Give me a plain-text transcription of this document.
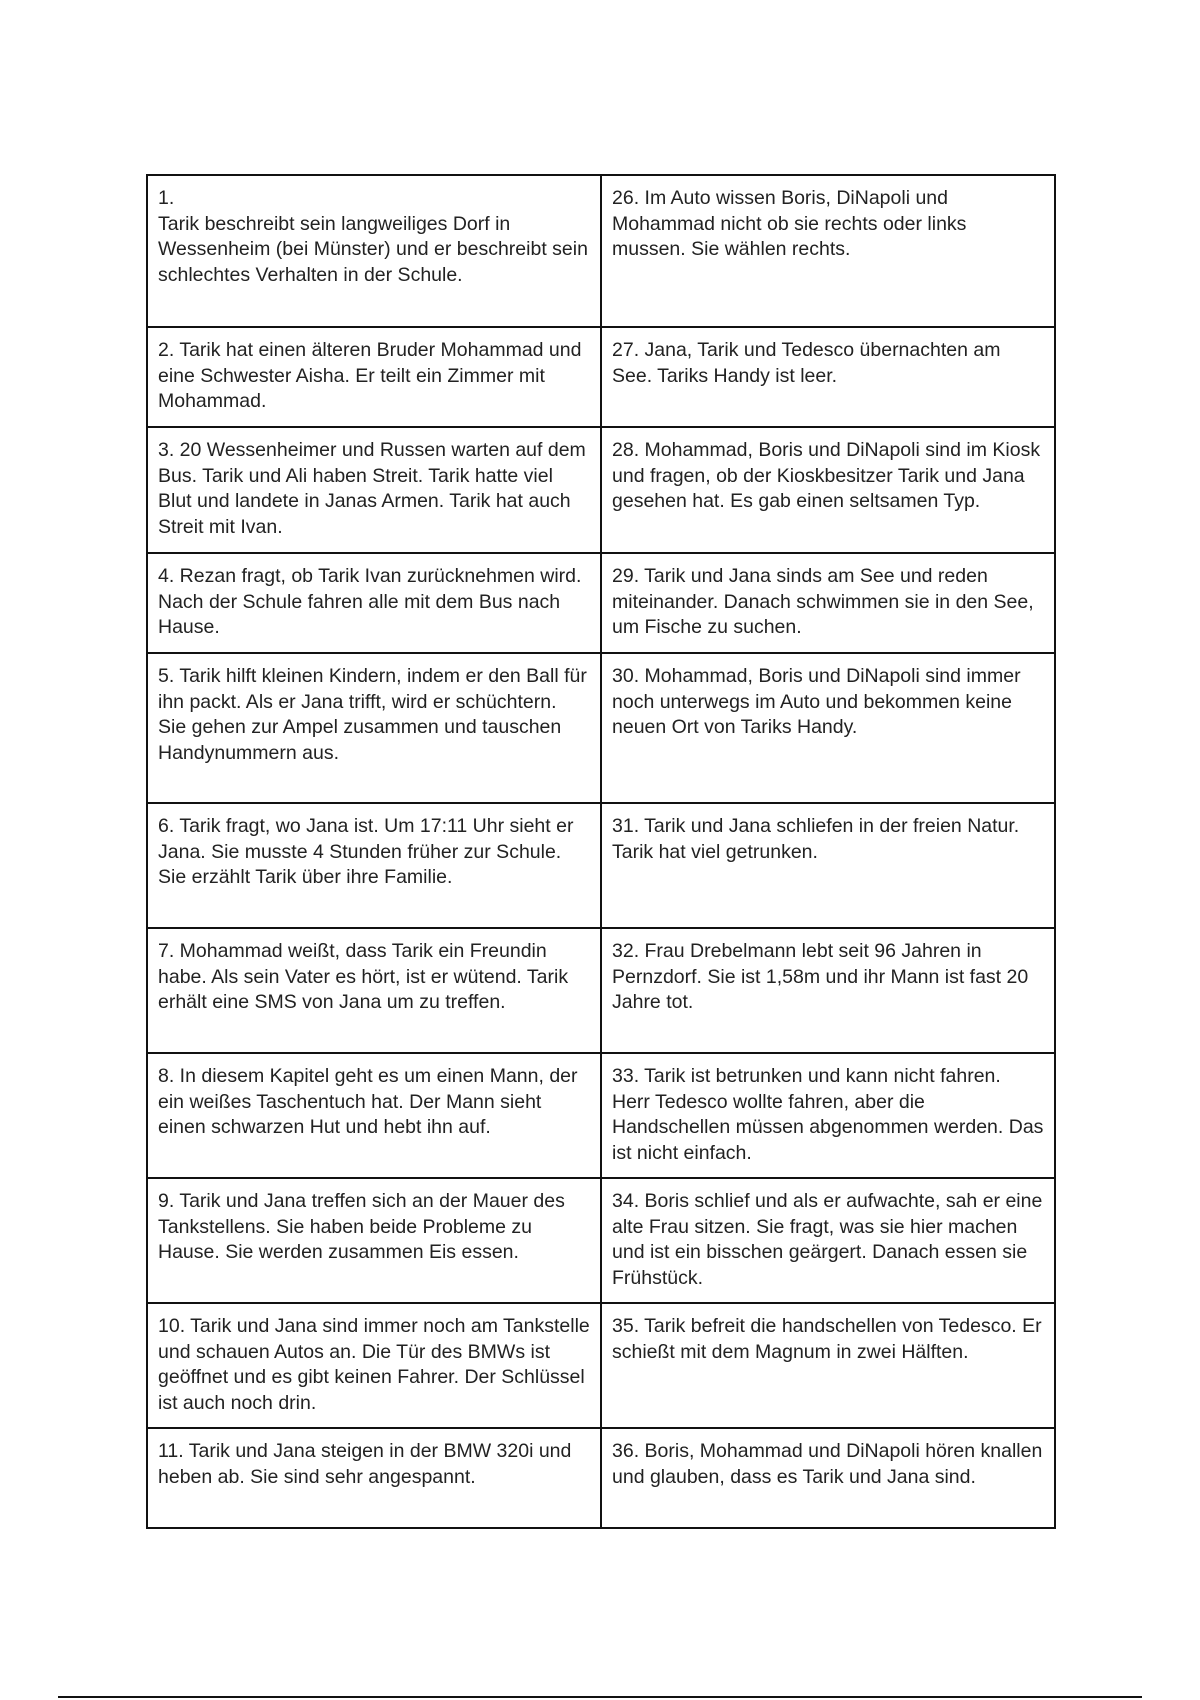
1.
Tarik beschreibt sein langweiliges Dorf in Wessenheim (bei Münster) und er beschreibt sein schlechtes Verhalten in der Schule.	26. Im Auto wissen Boris, DiNapoli und Mohammad nicht ob sie rechts oder links mussen. Sie wählen rechts.
2. Tarik hat einen älteren Bruder Mohammad und eine Schwester Aisha. Er teilt ein Zimmer mit Mohammad.	27. Jana, Tarik und Tedesco übernachten am See. Tariks Handy ist leer.
3. 20 Wessenheimer und Russen warten auf dem Bus. Tarik und Ali haben Streit. Tarik hatte viel Blut und landete in Janas Armen. Tarik hat auch Streit mit Ivan.	28. Mohammad, Boris und DiNapoli sind im Kiosk und fragen, ob der Kioskbesitzer Tarik und Jana gesehen hat. Es gab einen seltsamen Typ.
4. Rezan fragt, ob Tarik Ivan zurücknehmen wird. Nach der Schule fahren alle mit dem Bus nach Hause.	29. Tarik und Jana sinds am See und reden miteinander. Danach schwimmen sie in den See, um Fische zu suchen.
5. Tarik hilft kleinen Kindern, indem er den Ball für ihn packt. Als er Jana trifft, wird er schüchtern. Sie gehen zur Ampel zusammen und tauschen Handynummern aus.	30. Mohammad, Boris und DiNapoli sind immer noch unterwegs im Auto und bekommen keine neuen Ort von Tariks Handy.
6. Tarik fragt, wo Jana ist. Um 17:11 Uhr sieht er Jana. Sie musste 4 Stunden früher zur Schule. Sie erzählt Tarik über ihre Familie.	31. Tarik und Jana schliefen in der freien Natur. Tarik hat viel getrunken.
7. Mohammad weißt, dass Tarik ein Freundin habe. Als sein Vater es hört, ist er wütend. Tarik erhält eine SMS von Jana um zu treffen.	32. Frau Drebelmann lebt seit 96 Jahren in Pernzdorf. Sie ist 1,58m und ihr Mann ist fast 20 Jahre tot.
8. In diesem Kapitel geht es um einen Mann, der ein weißes Taschentuch hat. Der Mann sieht einen schwarzen Hut und hebt ihn auf.	33. Tarik ist betrunken und kann nicht fahren. Herr Tedesco wollte fahren, aber die Handschellen müssen abgenommen werden. Das ist nicht einfach.
9. Tarik und Jana treffen sich an der Mauer des Tankstellens. Sie haben beide Probleme zu Hause. Sie werden zusammen Eis essen.	34. Boris schlief und als er aufwachte, sah er eine alte Frau sitzen. Sie fragt, was sie hier machen und ist ein bisschen geärgert. Danach essen sie Frühstück.
10. Tarik und Jana sind immer noch am Tankstelle und schauen Autos an. Die Tür des BMWs ist geöffnet und es gibt keinen Fahrer. Der Schlüssel ist auch noch drin.	35. Tarik befreit die handschellen von Tedesco. Er schießt mit dem Magnum in zwei Hälften.
11. Tarik und Jana steigen in der BMW 320i und heben ab. Sie sind sehr angespannt.	36. Boris, Mohammad und DiNapoli hören knallen und glauben, dass es Tarik und Jana sind.
